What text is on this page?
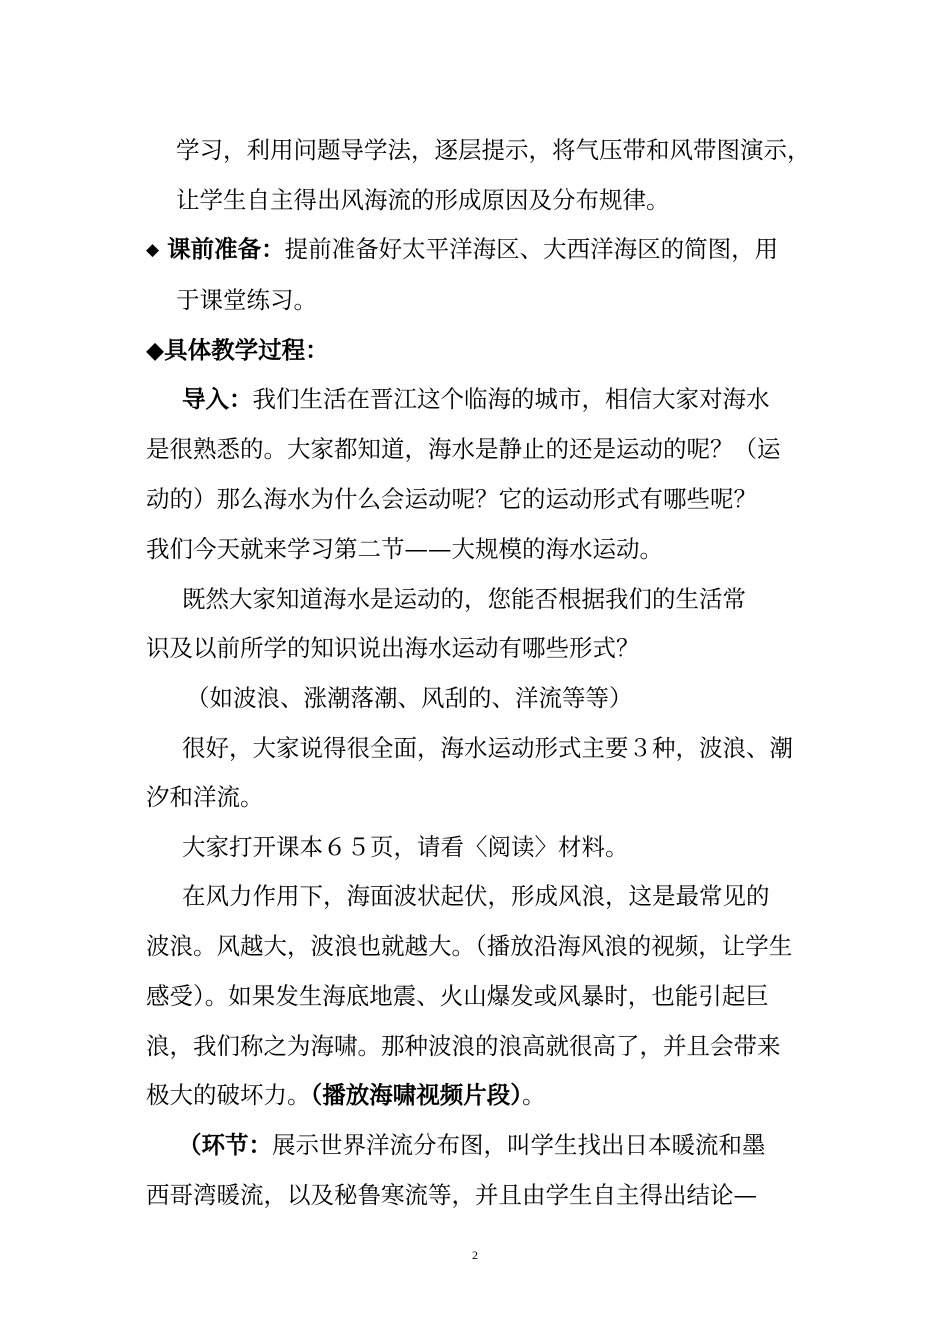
学习，利用问题导学法，逐层提示，将气压带和风带图演示，
让学生自主得出风海流的形成原因及分布规律。
◆ 课前准备：提前准备好太平洋海区、大西洋海区的简图，用
于课堂练习。
◆具体教学过程：
导入：我们生活在晋江这个临海的城市，相信大家对海水
是很熟悉的。大家都知道，海水是静止的还是运动的呢？（运
动的）那么海水为什么会运动呢？它的运动形式有哪些呢？
我们今天就来学习第二节——大规模的海水运动。
既然大家知道海水是运动的，您能否根据我们的生活常
识及以前所学的知识说出海水运动有哪些形式？
（如波浪、涨潮落潮、风刮的、洋流等等）
很好，大家说得很全面，海水运动形式主要３种，波浪、潮
汐和洋流。
大家打开课本６５页，请看〈阅读〉材料。
在风力作用下，海面波状起伏，形成风浪，这是最常见的
波浪。风越大，波浪也就越大。（播放沿海风浪的视频，让学生
感受）。如果发生海底地震、火山爆发或风暴时，也能引起巨
浪，我们称之为海啸。那种波浪的浪高就很高了，并且会带来
极大的破坏力。（播放海啸视频片段）。
（环节：展示世界洋流分布图，叫学生找出日本暖流和墨
西哥湾暖流，以及秘鲁寒流等，并且由学生自主得出结论—
2
